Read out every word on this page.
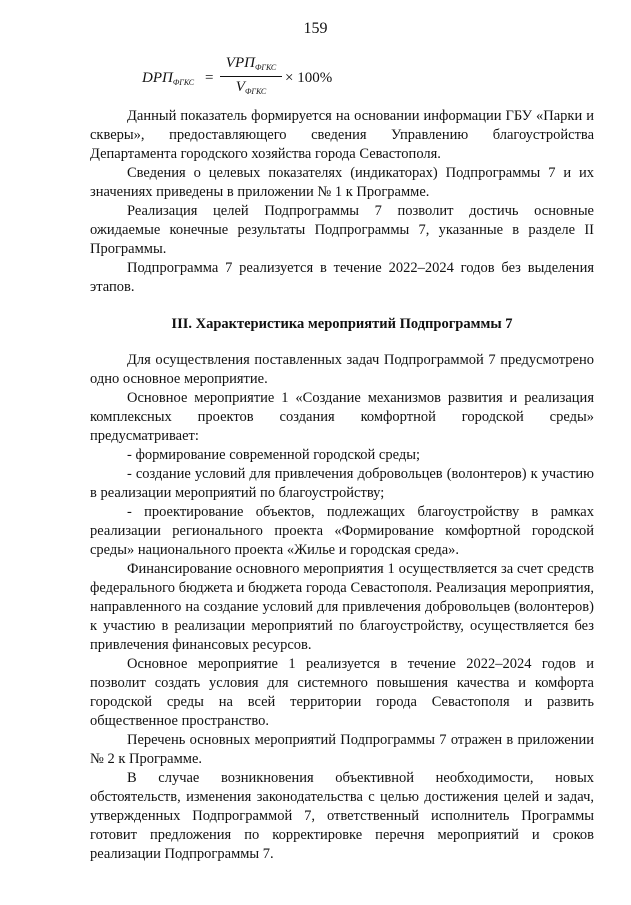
159
$DPП_{ФГКС}$ =
$VРП_{ФГКС}$
$V_{ФГКС}$
× 100%

Данный показатель формируется на основании информации ГБУ «Парки и скверы», предоставляющего сведения Управлению благоустройства Департамента городского хозяйства города Севастополя.

Сведения о целевых показателях (индикаторах) Подпрограммы 7 и их значениях приведены в приложении № 1 к Программе.

Реализация целей Подпрограммы 7 позволит достичь основные ожидаемые конечные результаты Подпрограммы 7, указанные в разделе II Программы.

Подпрограмма 7 реализуется в течение 2022–2024 годов без выделения этапов.

III. Характеристика мероприятий Подпрограммы 7

Для осуществления поставленных задач Подпрограммой 7 предусмотрено одно основное мероприятие.

Основное мероприятие 1 «Создание механизмов развития и реализация комплексных проектов создания комфортной городской среды» предусматривает:

- формирование современной городской среды;

- создание условий для привлечения добровольцев (волонтеров) к участию в реализации мероприятий по благоустройству;

- проектирование объектов, подлежащих благоустройству в рамках реализации регионального проекта «Формирование комфортной городской среды» национального проекта «Жилье и городская среда».

Финансирование основного мероприятия 1 осуществляется за счет средств федерального бюджета и бюджета города Севастополя. Реализация мероприятия, направленного на создание условий для привлечения добровольцев (волонтеров) к участию в реализации мероприятий по благоустройству, осуществляется без привлечения финансовых ресурсов.

Основное мероприятие 1 реализуется в течение 2022–2024 годов и позволит создать условия для системного повышения качества и комфорта городской среды на всей территории города Севастополя и развить общественное пространство.

Перечень основных мероприятий Подпрограммы 7 отражен в приложении № 2 к Программе.

В случае возникновения объективной необходимости, новых обстоятельств, изменения законодательства с целью достижения целей и задач, утвержденных Подпрограммой 7, ответственный исполнитель Программы готовит предложения по корректировке перечня мероприятий и сроков реализации Подпрограммы 7.
